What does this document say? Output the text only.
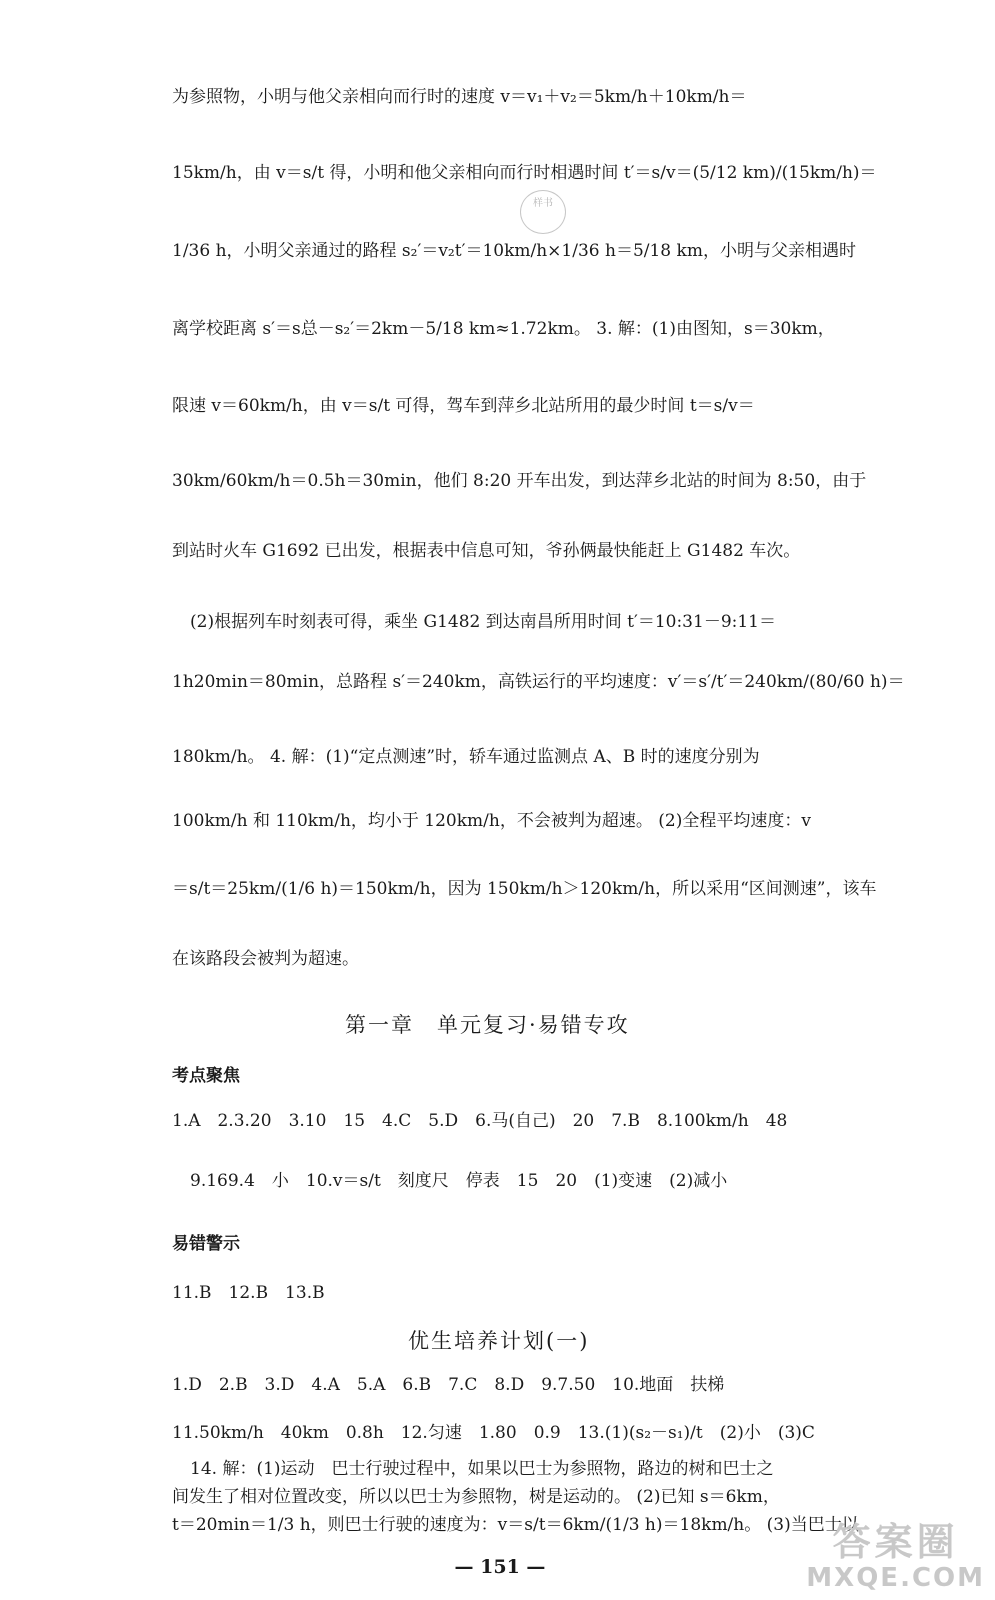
为参照物，小明与他父亲相向而行时的速度 v＝v₁＋v₂＝5km/h＋10km/h＝
15km/h，由 v＝s/t 得，小明和他父亲相向而行时相遇时间 t′＝s/v＝(5/12 km)/(15km/h)＝
1/36 h，小明父亲通过的路程 s₂′＝v₂t′＝10km/h×1/36 h＝5/18 km，小明与父亲相遇时
离学校距离 s′＝s总－s₂′＝2km－5/18 km≈1.72km。 3. 解：(1)由图知，s＝30km，
限速 v＝60km/h，由 v＝s/t 可得，驾车到萍乡北站所用的最少时间 t＝s/v＝
30km/60km/h＝0.5h＝30min，他们 8:20 开车出发，到达萍乡北站的时间为 8:50，由于
到站时火车 G1692 已出发，根据表中信息可知，爷孙俩最快能赶上 G1482 车次。
(2)根据列车时刻表可得，乘坐 G1482 到达南昌所用时间 t′＝10:31－9:11＝
1h20min＝80min，总路程 s′＝240km，高铁运行的平均速度：v′＝s′/t′＝240km/(80/60 h)＝
180km/h。 4. 解：(1)“定点测速”时，轿车通过监测点 A、B 时的速度分别为
100km/h 和 110km/h，均小于 120km/h，不会被判为超速。 (2)全程平均速度：v
＝s/t＝25km/(1/6 h)＝150km/h，因为 150km/h＞120km/h，所以采用“区间测速”，该车
在该路段会被判为超速。
样书
第一章　单元复习·易错专攻
考点聚焦
1.A　2.3.20　3.10　15　4.C　5.D　6.马(自己)　20　7.B　8.100km/h　48
9.169.4　小　10.v＝s/t　刻度尺　停表　15　20　(1)变速　(2)减小
易错警示
11.B　12.B　13.B
优生培养计划(一)
1.D　2.B　3.D　4.A　5.A　6.B　7.C　8.D　9.7.50　10.地面　扶梯
11.50km/h　40km　0.8h　12.匀速　1.80　0.9　13.(1)(s₂－s₁)/t　(2)小　(3)C
14. 解：(1)运动　巴士行驶过程中，如果以巴士为参照物，路边的树和巴士之
间发生了相对位置改变，所以以巴士为参照物，树是运动的。 (2)已知 s＝6km，
t＝20min＝1/3 h，则巴士行驶的速度为：v＝s/t＝6km/(1/3 h)＝18km/h。 (3)当巴士以
— 151 —
答案圈
MXQE.COM
